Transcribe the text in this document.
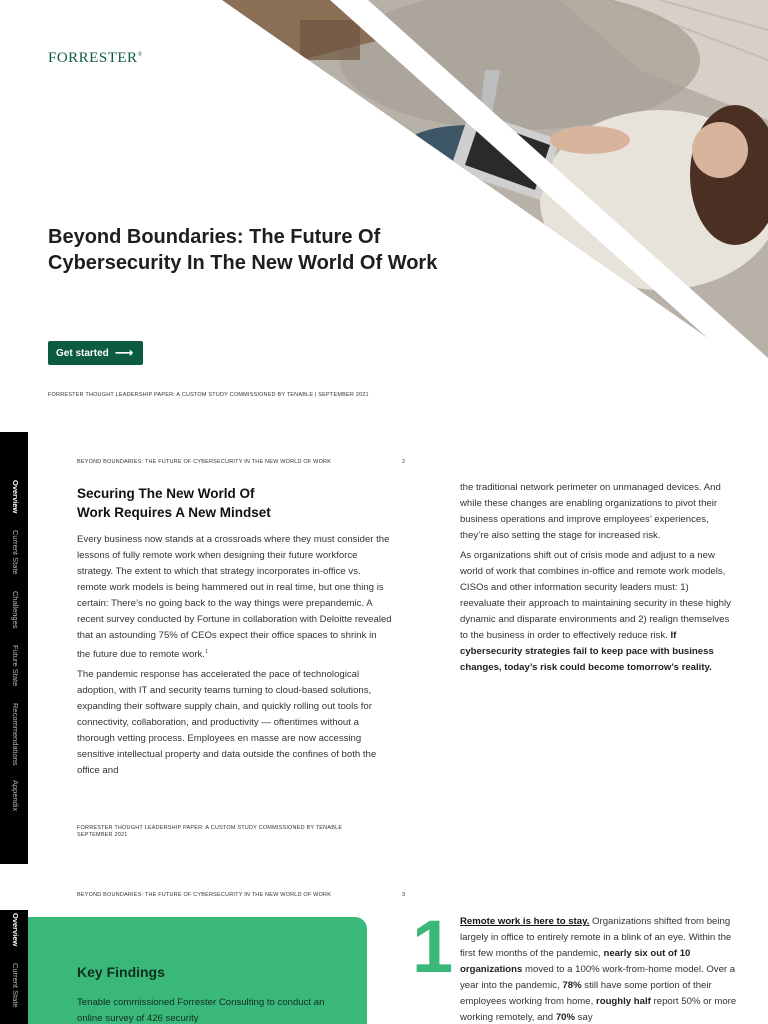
FORRESTER®
Beyond Boundaries: The Future Of Cybersecurity In The New World Of Work
Get started ⟶
FORRESTER THOUGHT LEADERSHIP PAPER: A CUSTOM STUDY COMMISSIONED BY TENABLE | SEPTEMBER 2021
Overview
Current State
Challenges
Future State
Recommendations
Appendix
BEYOND BOUNDARIES: THE FUTURE OF CYBERSECURITY IN THE NEW WORLD OF WORK	2
Securing The New World Of
Work Requires A New Mindset

Every business now stands at a crossroads where they must consider the lessons of fully remote work when designing their future workforce strategy. The extent to which that strategy incorporates in-office vs. remote work models is being hammered out in real time, but one thing is certain: There’s no going back to the way things were prepandemic. A recent survey conducted by Fortune in collaboration with Deloitte revealed that an astounding 75% of CEOs expect their office spaces to shrink in the future due to remote work.$^1$

The pandemic response has accelerated the pace of technological adoption, with IT and security teams turning to cloud-based solutions, expanding their software supply chain, and quickly rolling out tools for connectivity, collaboration, and productivity — oftentimes without a thorough vetting process. Employees en masse are now accessing sensitive intellectual property and data outside the confines of both the office and

the traditional network perimeter on unmanaged devices. And while these changes are enabling organizations to pivot their business operations and improve employees’ experiences, they’re also setting the stage for increased risk.

As organizations shift out of crisis mode and adjust to a new world of work that combines in-office and remote work models, CISOs and other information security leaders must: 1) reevaluate their approach to maintaining security in these highly dynamic and disparate environments and 2) realign themselves to the business in order to effectively reduce risk. If cybersecurity strategies fail to keep pace with business changes, today’s risk could become tomorrow’s reality.

FORRESTER THOUGHT LEADERSHIP PAPER: A CUSTOM STUDY COMMISSIONED BY TENABLE
SEPTEMBER 2021
Overview
Current State
BEYOND BOUNDARIES: THE FUTURE OF CYBERSECURITY IN THE NEW WORLD OF WORK	3
Key Findings

Tenable commissioned Forrester Consulting to conduct an online survey of 426 security

1 Remote work is here to stay. Organizations shifted from being largely in office to entirely remote in a blink of an eye. Within the first few months of the pandemic, nearly six out of 10 organizations moved to a 100% work-from-home model. Over a year into the pandemic, 78% still have some portion of their employees working from home, roughly half report 50% or more working remotely, and 70% say
